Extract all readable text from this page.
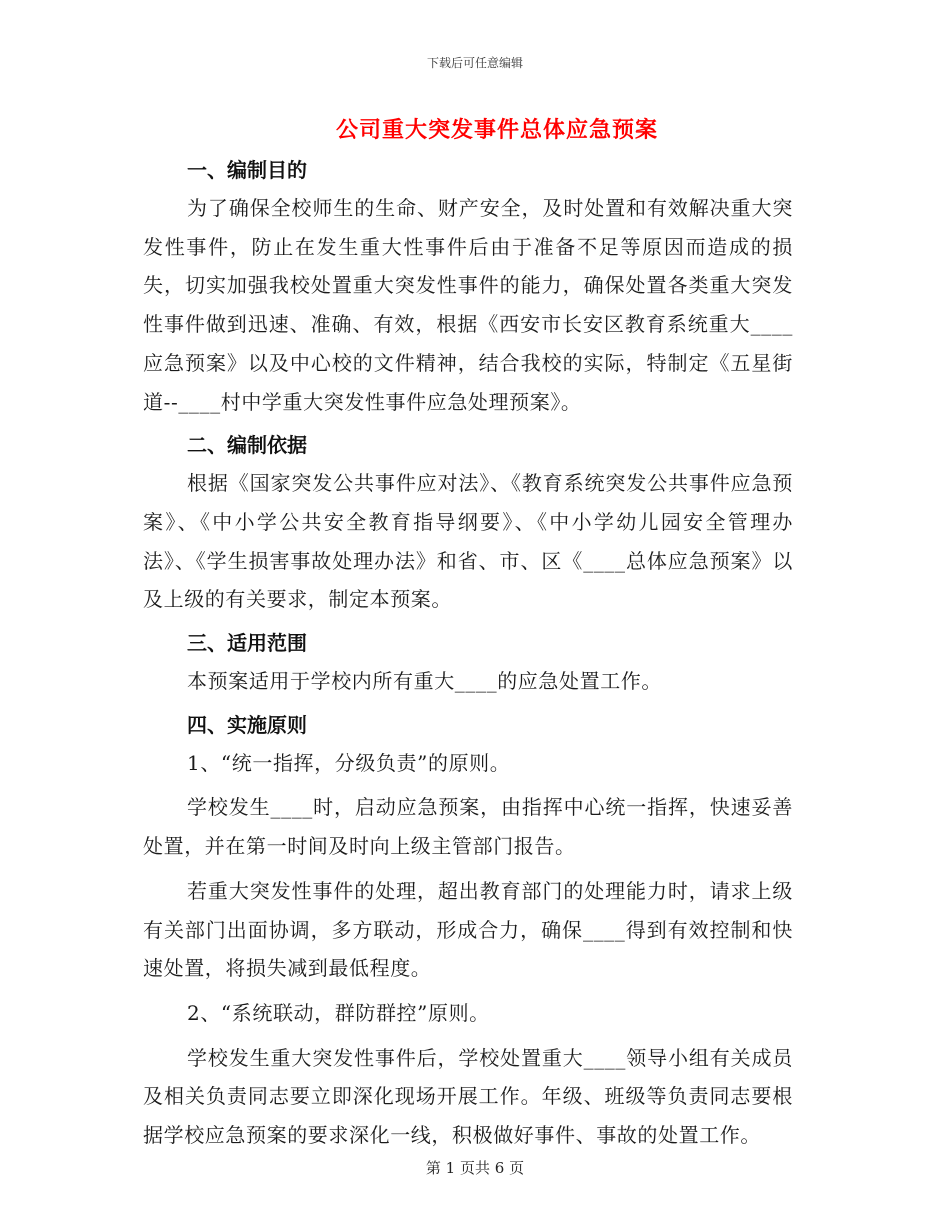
下载后可任意编辑
公司重大突发事件总体应急预案
一、编制目的

为了确保全校师生的生命、财产安全，及时处置和有效解决重大突发性事件，防止在发生重大性事件后由于准备不足等原因而造成的损失，切实加强我校处置重大突发性事件的能力，确保处置各类重大突发性事件做到迅速、准确、有效，根据《西安市长安区教育系统重大____应急预案》以及中心校的文件精神，结合我校的实际，特制定《五星街道--____村中学重大突发性事件应急处理预案》。

二、编制依据

根据《国家突发公共事件应对法》、《教育系统突发公共事件应急预案》、《中小学公共安全教育指导纲要》、《中小学幼儿园安全管理办法》、《学生损害事故处理办法》和省、市、区《____总体应急预案》以及上级的有关要求，制定本预案。

三、适用范围

本预案适用于学校内所有重大____的应急处置工作。

四、实施原则

1、“统一指挥，分级负责”的原则。

学校发生____时，启动应急预案，由指挥中心统一指挥，快速妥善处置，并在第一时间及时向上级主管部门报告。

若重大突发性事件的处理，超出教育部门的处理能力时，请求上级有关部门出面协调，多方联动，形成合力，确保____得到有效控制和快速处置，将损失减到最低程度。

2、“系统联动，群防群控”原则。

学校发生重大突发性事件后，学校处置重大____领导小组有关成员及相关负责同志要立即深化现场开展工作。年级、班级等负责同志要根据学校应急预案的要求深化一线，积极做好事件、事故的处置工作。

第 1 页共 6 页
